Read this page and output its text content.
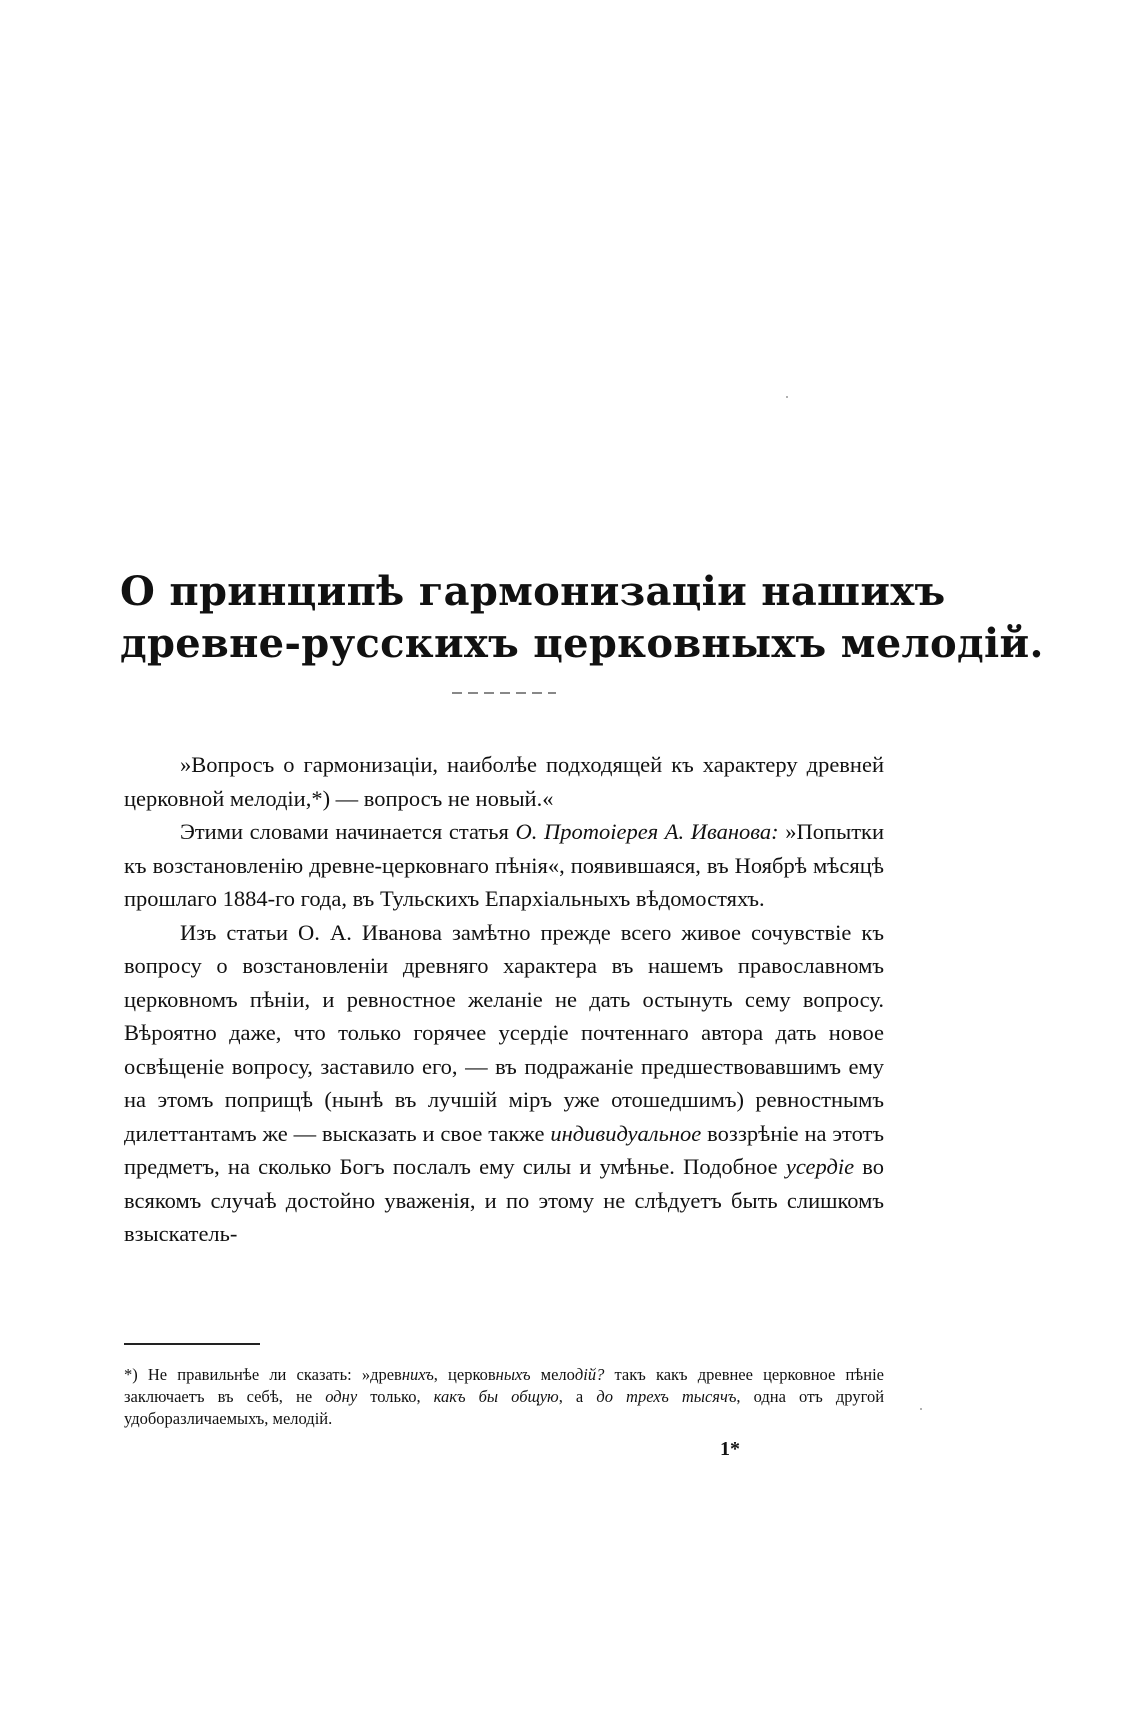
О принципѣ гармонизаціи нашихъ
древне-русскихъ церковныхъ мелодій.

»Вопросъ о гармонизаціи, наиболѣе подходящей къ характеру древней церковной мелодіи,*) — вопросъ не новый.«

Этими словами начинается статья О. Протоіерея А. Иванова: »Попытки къ возстановленію древне-церковнаго пѣнія«, появившаяся, въ Ноябрѣ мѣсяцѣ прошлаго 1884-го года, въ Тульскихъ Епархіальныхъ вѣдомостяхъ.

Изъ статьи О. А. Иванова замѣтно прежде всего живое сочувствіе къ вопросу о возстановленіи древняго характера въ нашемъ православномъ церковномъ пѣніи, и ревностное желаніе не дать остынуть сему вопросу. Вѣроятно даже, что только горячее усердіе почтеннаго автора дать новое освѣщеніе вопросу, заставило его, — въ подражаніе предшествовавшимъ ему на этомъ поприщѣ (нынѣ въ лучшій міръ уже отошедшимъ) ревностнымъ дилеттантамъ же — высказать и свое также индивидуальное воззрѣніе на этотъ предметъ, на сколько Богъ послалъ ему силы и умѣнье. Подобное усердіе во всякомъ случаѣ достойно уваженія, и по этому не слѣдуетъ быть слишкомъ взыскатель-

*) Не правильнѣе ли сказать: »древнихъ, церковныхъ мелодій? такъ какъ древнее церковное пѣніе заключаетъ въ себѣ, не одну только, какъ бы общую, а до трехъ тысячъ, одна отъ другой удоборазличаемыхъ, мелодій.

1*
